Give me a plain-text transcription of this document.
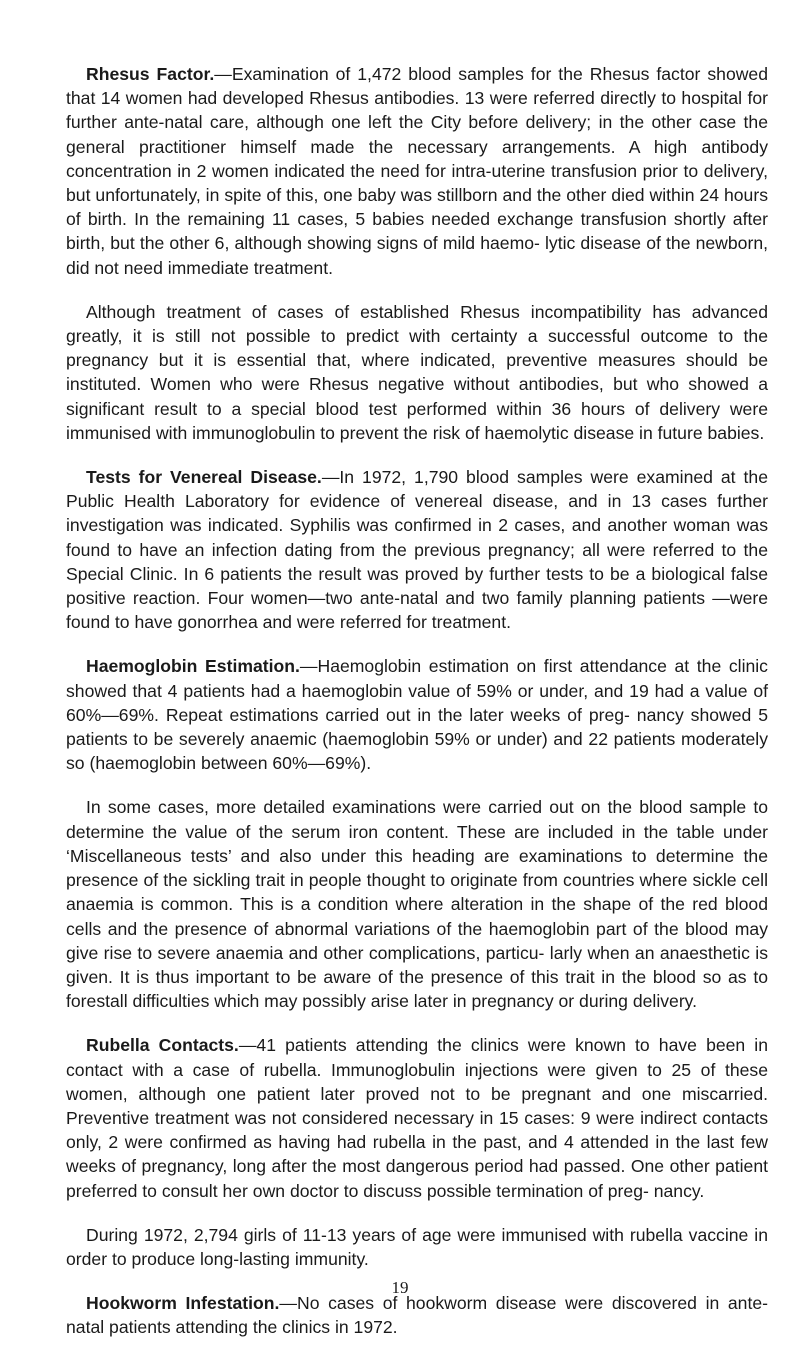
Rhesus Factor.—Examination of 1,472 blood samples for the Rhesus factor showed that 14 women had developed Rhesus antibodies. 13 were referred directly to hospital for further ante-natal care, although one left the City before delivery; in the other case the general practitioner himself made the necessary arrangements. A high antibody concentration in 2 women indicated the need for intra-uterine transfusion prior to delivery, but unfortunately, in spite of this, one baby was stillborn and the other died within 24 hours of birth. In the remaining 11 cases, 5 babies needed exchange transfusion shortly after birth, but the other 6, although showing signs of mild haemo- lytic disease of the newborn, did not need immediate treatment.

Although treatment of cases of established Rhesus incompatibility has advanced greatly, it is still not possible to predict with certainty a successful outcome to the pregnancy but it is essential that, where indicated, preventive measures should be instituted. Women who were Rhesus negative without antibodies, but who showed a significant result to a special blood test performed within 36 hours of delivery were immunised with immunoglobulin to prevent the risk of haemolytic disease in future babies.

Tests for Venereal Disease.—In 1972, 1,790 blood samples were examined at the Public Health Laboratory for evidence of venereal disease, and in 13 cases further investigation was indicated. Syphilis was confirmed in 2 cases, and another woman was found to have an infection dating from the previous pregnancy; all were referred to the Special Clinic. In 6 patients the result was proved by further tests to be a biological false positive reaction. Four women—two ante-natal and two family planning patients —were found to have gonorrhea and were referred for treatment.

Haemoglobin Estimation.—Haemoglobin estimation on first attendance at the clinic showed that 4 patients had a haemoglobin value of 59% or under, and 19 had a value of 60%—69%. Repeat estimations carried out in the later weeks of preg- nancy showed 5 patients to be severely anaemic (haemoglobin 59% or under) and 22 patients moderately so (haemoglobin between 60%—69%).

In some cases, more detailed examinations were carried out on the blood sample to determine the value of the serum iron content. These are included in the table under ‘Miscellaneous tests’ and also under this heading are examinations to determine the presence of the sickling trait in people thought to originate from countries where sickle cell anaemia is common. This is a condition where alteration in the shape of the red blood cells and the presence of abnormal variations of the haemoglobin part of the blood may give rise to severe anaemia and other complications, particu- larly when an anaesthetic is given. It is thus important to be aware of the presence of this trait in the blood so as to forestall difficulties which may possibly arise later in pregnancy or during delivery.

Rubella Contacts.—41 patients attending the clinics were known to have been in contact with a case of rubella. Immunoglobulin injections were given to 25 of these women, although one patient later proved not to be pregnant and one miscarried. Preventive treatment was not considered necessary in 15 cases: 9 were indirect contacts only, 2 were confirmed as having had rubella in the past, and 4 attended in the last few weeks of pregnancy, long after the most dangerous period had passed. One other patient preferred to consult her own doctor to discuss possible termination of preg- nancy.

During 1972, 2,794 girls of 11-13 years of age were immunised with rubella vaccine in order to produce long-lasting immunity.

Hookworm Infestation.—No cases of hookworm disease were discovered in ante- natal patients attending the clinics in 1972.

19
